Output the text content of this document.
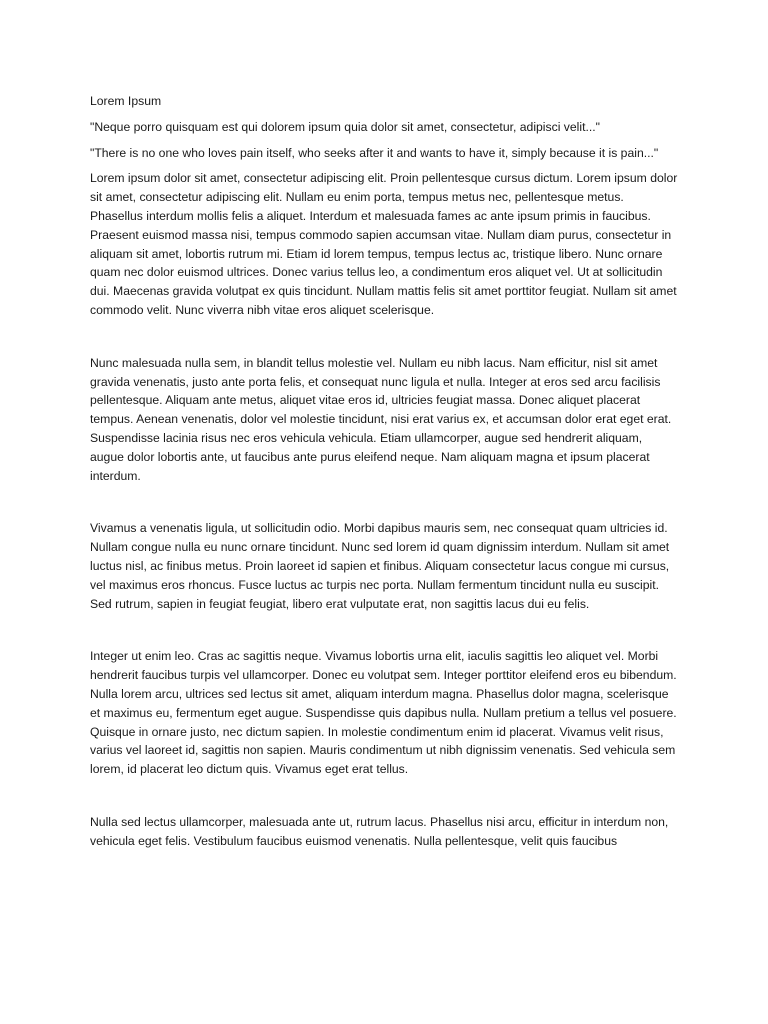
Lorem Ipsum

"Neque porro quisquam est qui dolorem ipsum quia dolor sit amet, consectetur, adipisci velit..."

"There is no one who loves pain itself, who seeks after it and wants to have it, simply because it is pain..."

Lorem ipsum dolor sit amet, consectetur adipiscing elit. Proin pellentesque cursus dictum. Lorem ipsum dolor sit amet, consectetur adipiscing elit. Nullam eu enim porta, tempus metus nec, pellentesque metus. Phasellus interdum mollis felis a aliquet. Interdum et malesuada fames ac ante ipsum primis in faucibus. Praesent euismod massa nisi, tempus commodo sapien accumsan vitae. Nullam diam purus, consectetur in aliquam sit amet, lobortis rutrum mi. Etiam id lorem tempus, tempus lectus ac, tristique libero. Nunc ornare quam nec dolor euismod ultrices. Donec varius tellus leo, a condimentum eros aliquet vel. Ut at sollicitudin dui. Maecenas gravida volutpat ex quis tincidunt. Nullam mattis felis sit amet porttitor feugiat. Nullam sit amet commodo velit. Nunc viverra nibh vitae eros aliquet scelerisque.

Nunc malesuada nulla sem, in blandit tellus molestie vel. Nullam eu nibh lacus. Nam efficitur, nisl sit amet gravida venenatis, justo ante porta felis, et consequat nunc ligula et nulla. Integer at eros sed arcu facilisis pellentesque. Aliquam ante metus, aliquet vitae eros id, ultricies feugiat massa. Donec aliquet placerat tempus. Aenean venenatis, dolor vel molestie tincidunt, nisi erat varius ex, et accumsan dolor erat eget erat. Suspendisse lacinia risus nec eros vehicula vehicula. Etiam ullamcorper, augue sed hendrerit aliquam, augue dolor lobortis ante, ut faucibus ante purus eleifend neque. Nam aliquam magna et ipsum placerat interdum.

Vivamus a venenatis ligula, ut sollicitudin odio. Morbi dapibus mauris sem, nec consequat quam ultricies id. Nullam congue nulla eu nunc ornare tincidunt. Nunc sed lorem id quam dignissim interdum. Nullam sit amet luctus nisl, ac finibus metus. Proin laoreet id sapien et finibus. Aliquam consectetur lacus congue mi cursus, vel maximus eros rhoncus. Fusce luctus ac turpis nec porta. Nullam fermentum tincidunt nulla eu suscipit. Sed rutrum, sapien in feugiat feugiat, libero erat vulputate erat, non sagittis lacus dui eu felis.

Integer ut enim leo. Cras ac sagittis neque. Vivamus lobortis urna elit, iaculis sagittis leo aliquet vel. Morbi hendrerit faucibus turpis vel ullamcorper. Donec eu volutpat sem. Integer porttitor eleifend eros eu bibendum. Nulla lorem arcu, ultrices sed lectus sit amet, aliquam interdum magna. Phasellus dolor magna, scelerisque et maximus eu, fermentum eget augue. Suspendisse quis dapibus nulla. Nullam pretium a tellus vel posuere. Quisque in ornare justo, nec dictum sapien. In molestie condimentum enim id placerat. Vivamus velit risus, varius vel laoreet id, sagittis non sapien. Mauris condimentum ut nibh dignissim venenatis. Sed vehicula sem lorem, id placerat leo dictum quis. Vivamus eget erat tellus.

Nulla sed lectus ullamcorper, malesuada ante ut, rutrum lacus. Phasellus nisi arcu, efficitur in interdum non, vehicula eget felis. Vestibulum faucibus euismod venenatis. Nulla pellentesque, velit quis faucibus
